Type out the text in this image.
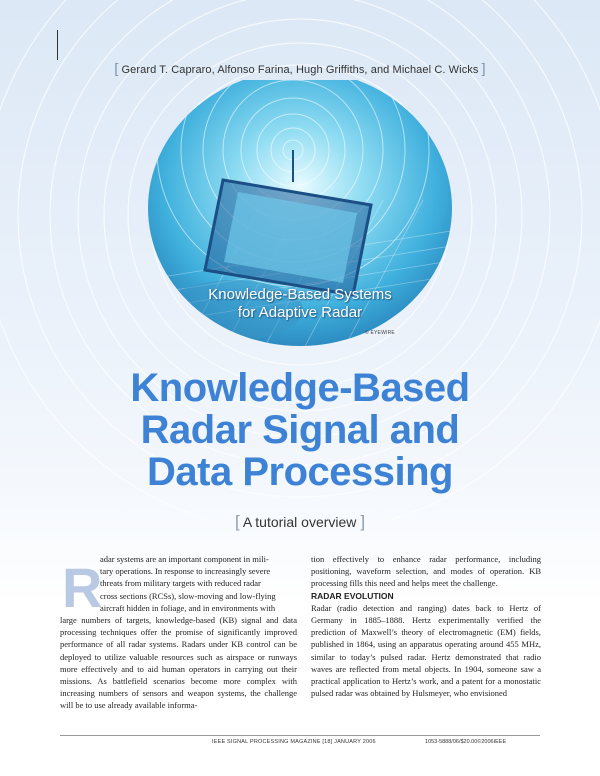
[ Gerard T. Capraro, Alfonso Farina, Hugh Griffiths, and Michael C. Wicks ]
Knowledge-Based Systems
for Adaptive Radar
© EYEWIRE
Knowledge-Based
Radar Signal and
Data Processing
[ A tutorial overview ]
R

adar systems are an important component in mili-

tary operations. In response to increasingly severe

threats from military targets with reduced radar

cross sections (RCSs), slow-moving and low-flying

aircraft hidden in foliage, and in environments with

large numbers of targets, knowledge-based (KB) signal and data processing techniques offer the promise of significantly improved performance of all radar systems. Radars under KB control can be deployed to utilize valuable resources such as airspace or runways more effectively and to aid human operators in carrying out their missions. As battlefield scenarios become more complex with increasing numbers of sensors and weapon systems, the challenge will be to use already available informa-

tion effectively to enhance radar performance, including positioning, waveform selection, and modes of operation. KB processing fills this need and helps meet the challenge.

RADAR EVOLUTION

Radar (radio detection and ranging) dates back to Hertz of Germany in 1885–1888. Hertz experimentally verified the prediction of Maxwell’s theory of electromagnetic (EM) fields, published in 1864, using an apparatus operating around 455 MHz, similar to today’s pulsed radar. Hertz demonstrated that radio waves are reflected from metal objects. In 1904, someone saw a practical application to Hertz’s work, and a patent for a monostatic pulsed radar was obtained by Hulsmeyer, who envisioned

IEEE SIGNAL PROCESSING MAGAZINE [18] JANUARY 2006	1053-5888/06/$20.00©2006IEEE
